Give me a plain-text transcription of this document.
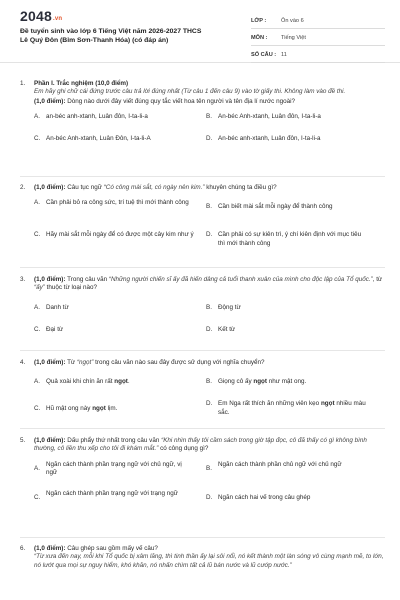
2048.vn
Đề tuyển sinh vào lớp 6 Tiếng Việt năm 2026-2027 THCS
Lê Quý Đôn (Bỉm Sơn-Thanh Hóa) (có đáp án)
LỚP :	Ôn vào 6
MÔN :	Tiếng Việt
SỐ CÂU : 11
1. Phần I. Trắc nghiệm (10,0 điểm)
Em hãy ghi chữ cái đứng trước câu trả lời đúng nhất (Từ câu 1 đến câu 9) vào tờ giấy thi. Không làm vào đề thi.
(1,0 điểm): Dòng nào dưới đây viết đúng quy tắc viết hoa tên người và tên địa lí nước ngoài?
A. an-béc anh-xtanh, Luân đôn, I-ta-li-a	B. An-béc Anh-xtanh, Luân đôn, I-ta-li-a
C. An-béc Anh-xtanh, Luân Đôn, I-ta-li-A	D. An-béc anh-xtanh, Luân đôn, I-ta-li-a
2. (1,0 điểm): Câu tục ngữ “Có công mài sắt, có ngày nên kim.” khuyên chúng ta điều gì?
A. Cần phải bỏ ra công sức, trí tuệ thì mới thành công
B. Cần biết mài sắt mỗi ngày để thành công
C. Hãy mài sắt mỗi ngày để có được một cây kim như ý D. Cần phải có sự kiên trì, ý chí kiên định với mục tiêu thì mới thành công
3. (1,0 điểm): Trong câu văn “Những người chiến sĩ ấy đã hiến dâng cả tuổi thanh xuân của mình cho độc lập của Tổ quốc.”, từ “ấy” thuộc từ loại nào?
A. Danh từ	B. Động từ
C. Đại từ	D. Kết từ
4. (1,0 điểm): Từ “ngọt” trong câu văn nào sau đây được sử dụng với nghĩa chuyển?
A. Quả xoài khi chín ăn rất ngọt.	B. Giọng cô ấy ngọt như mật ong.
C. Hũ mật ong này ngọt lịm.
D. Em Nga rất thích ăn những viên kẹo ngọt nhiều màu sắc.
5. (1,0 điểm): Dấu phẩy thứ nhất trong câu văn “Khi nhìn thấy tôi cầm sách trong giờ tập đọc, cô đã thấy có gì không bình thường, cô liền thu xếp cho tôi đi khám mắt.” có công dụng gì?
A.
Ngăn cách thành phần trạng ngữ với chủ ngữ, vị ngữ
B.
Ngăn cách thành phần chủ ngữ với chủ ngữ
C.
Ngăn cách thành phần trạng ngữ với trạng ngữ
D. Ngăn cách hai vế trong câu ghép
6. (1,0 điểm): Câu ghép sau gồm mấy vế câu?
“Từ xưa đến nay, mỗi khi Tổ quốc bị xâm lăng, thì tinh thần ấy lại sôi nổi, nó kết thành một làn sóng vô cùng mạnh mẽ, to lớn, nó lướt qua mọi sự nguy hiểm, khó khăn, nó nhấn chìm tất cả lũ bán nước và lũ cướp nước.”
